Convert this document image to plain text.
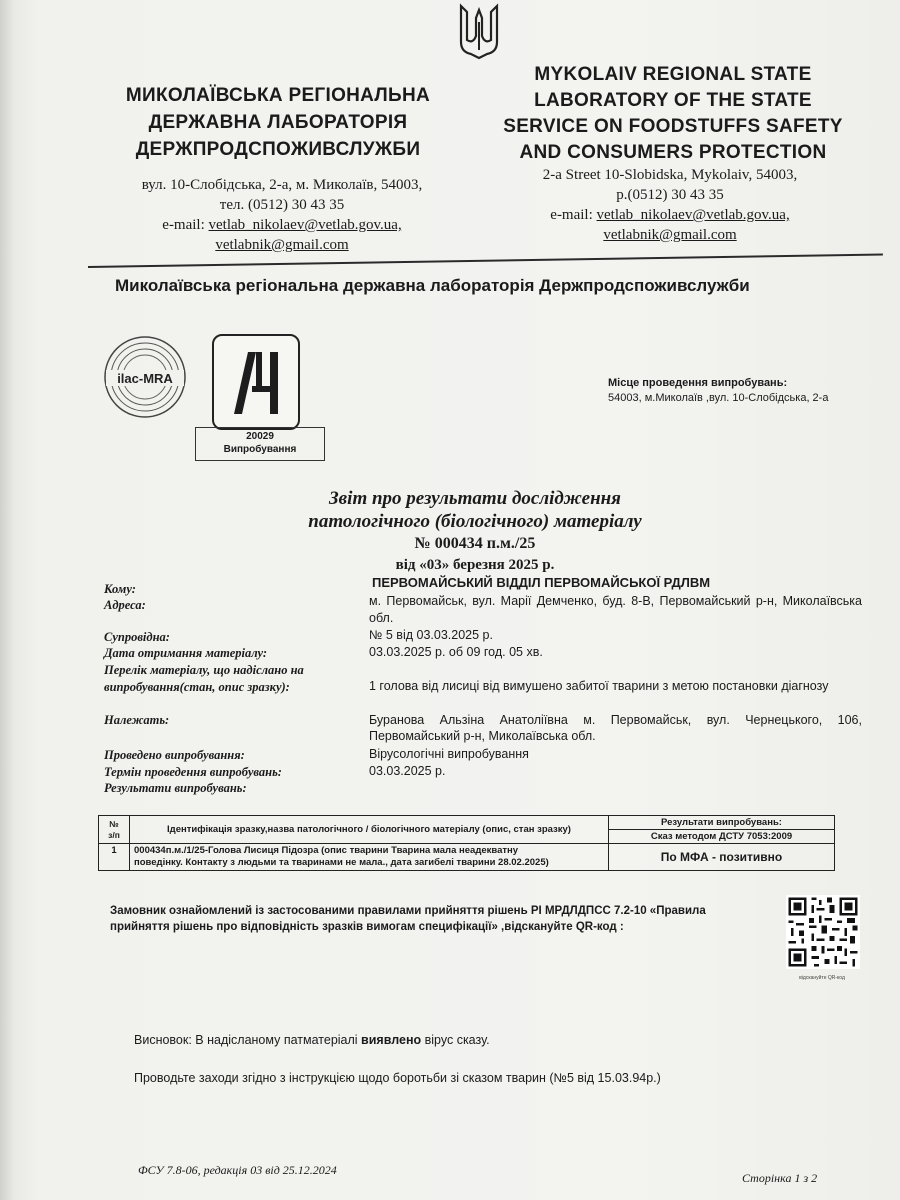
МИКОЛАЇВСЬКА РЕГІОНАЛЬНА
ДЕРЖАВНА ЛАБОРАТОРІЯ
ДЕРЖПРОДСПОЖИВСЛУЖБИ
вул. 10-Слобідська, 2-а, м. Миколаїв, 54003,
тел. (0512) 30 43 35
e-mail: vetlab_nikolaev@vetlab.gov.ua,
vetlabnik@gmail.com
MYKOLAIV REGIONAL STATE
LABORATORY OF THE STATE
SERVICE ON FOODSTUFFS SAFETY
AND CONSUMERS PROTECTION
2-a Street 10-Slobidska, Mykolaiv, 54003,
p.(0512) 30 43 35
e-mail: vetlab_nikolaev@vetlab.gov.ua,
vetlabnik@gmail.com
Миколаївська регіональна державна лабораторія Держпродспоживслужби
ilac-MRA
20029
Випробування
Місце проведення випробувань:
54003, м.Миколаїв ,вул. 10-Слобідська, 2-а
Звіт про результати дослідження
патологічного (біологічного) матеріалу
№ 000434 п.м./25
від «03» березня 2025 р.
Кому:	ПЕРВОМАЙСЬКИЙ ВІДДІЛ ПЕРВОМАЙСЬКОЇ РДЛВМ
Адреса:	м. Первомайськ, вул. Марії Демченко, буд. 8-В, Первомайський р-н, Миколаївська обл.
Супровідна:	№ 5 від 03.03.2025 р.
Дата отримання матеріалу:	03.03.2025 р. об 09 год. 05 хв.
Перелік матеріалу, що надіслано на
випробування(стан, опис зразку):	1 голова від лисиці від вимушено забитої тварини з метою постановки діагнозу
Належать:	Буранова Альзіна Анатоліївна м. Первомайськ, вул. Чернецького, 106, Первомайський р-н, Миколаївська обл.
Проведено випробування:	Вірусологічні випробування
Термін проведення випробувань:	03.03.2025 р.
Результати випробувань:
№
з/п	Ідентифікація зразку,назва патологічного / біологічного матеріалу (опис, стан зразку)	Результати випробувань:
		Сказ методом ДСТУ 7053:2009
1	000434п.м./1/25-Голова Лисиця Підозра (опис тварини Тварина мала неадекватну
поведінку. Контакту з людьми та тваринами не мала., дата загибелі тварини 28.02.2025)	По МФА - позитивно
Замовник ознайомлений із застосованими правилами прийняття рішень РІ МРДЛДПСС 7.2-10 «Правила прийняття рішень про відповідність зразків вимогам специфікації» ,відскануйте QR-код :
відскануйте QR-код
Висновок: В надісланому патматеріалі виявлено вірус сказу.
Проводьте заходи згідно з інструкцією щодо боротьби зі сказом тварин (№5 від 15.03.94р.)
ФСУ 7.8-06, редакція 03 від 25.12.2024
Сторінка 1 з 2
